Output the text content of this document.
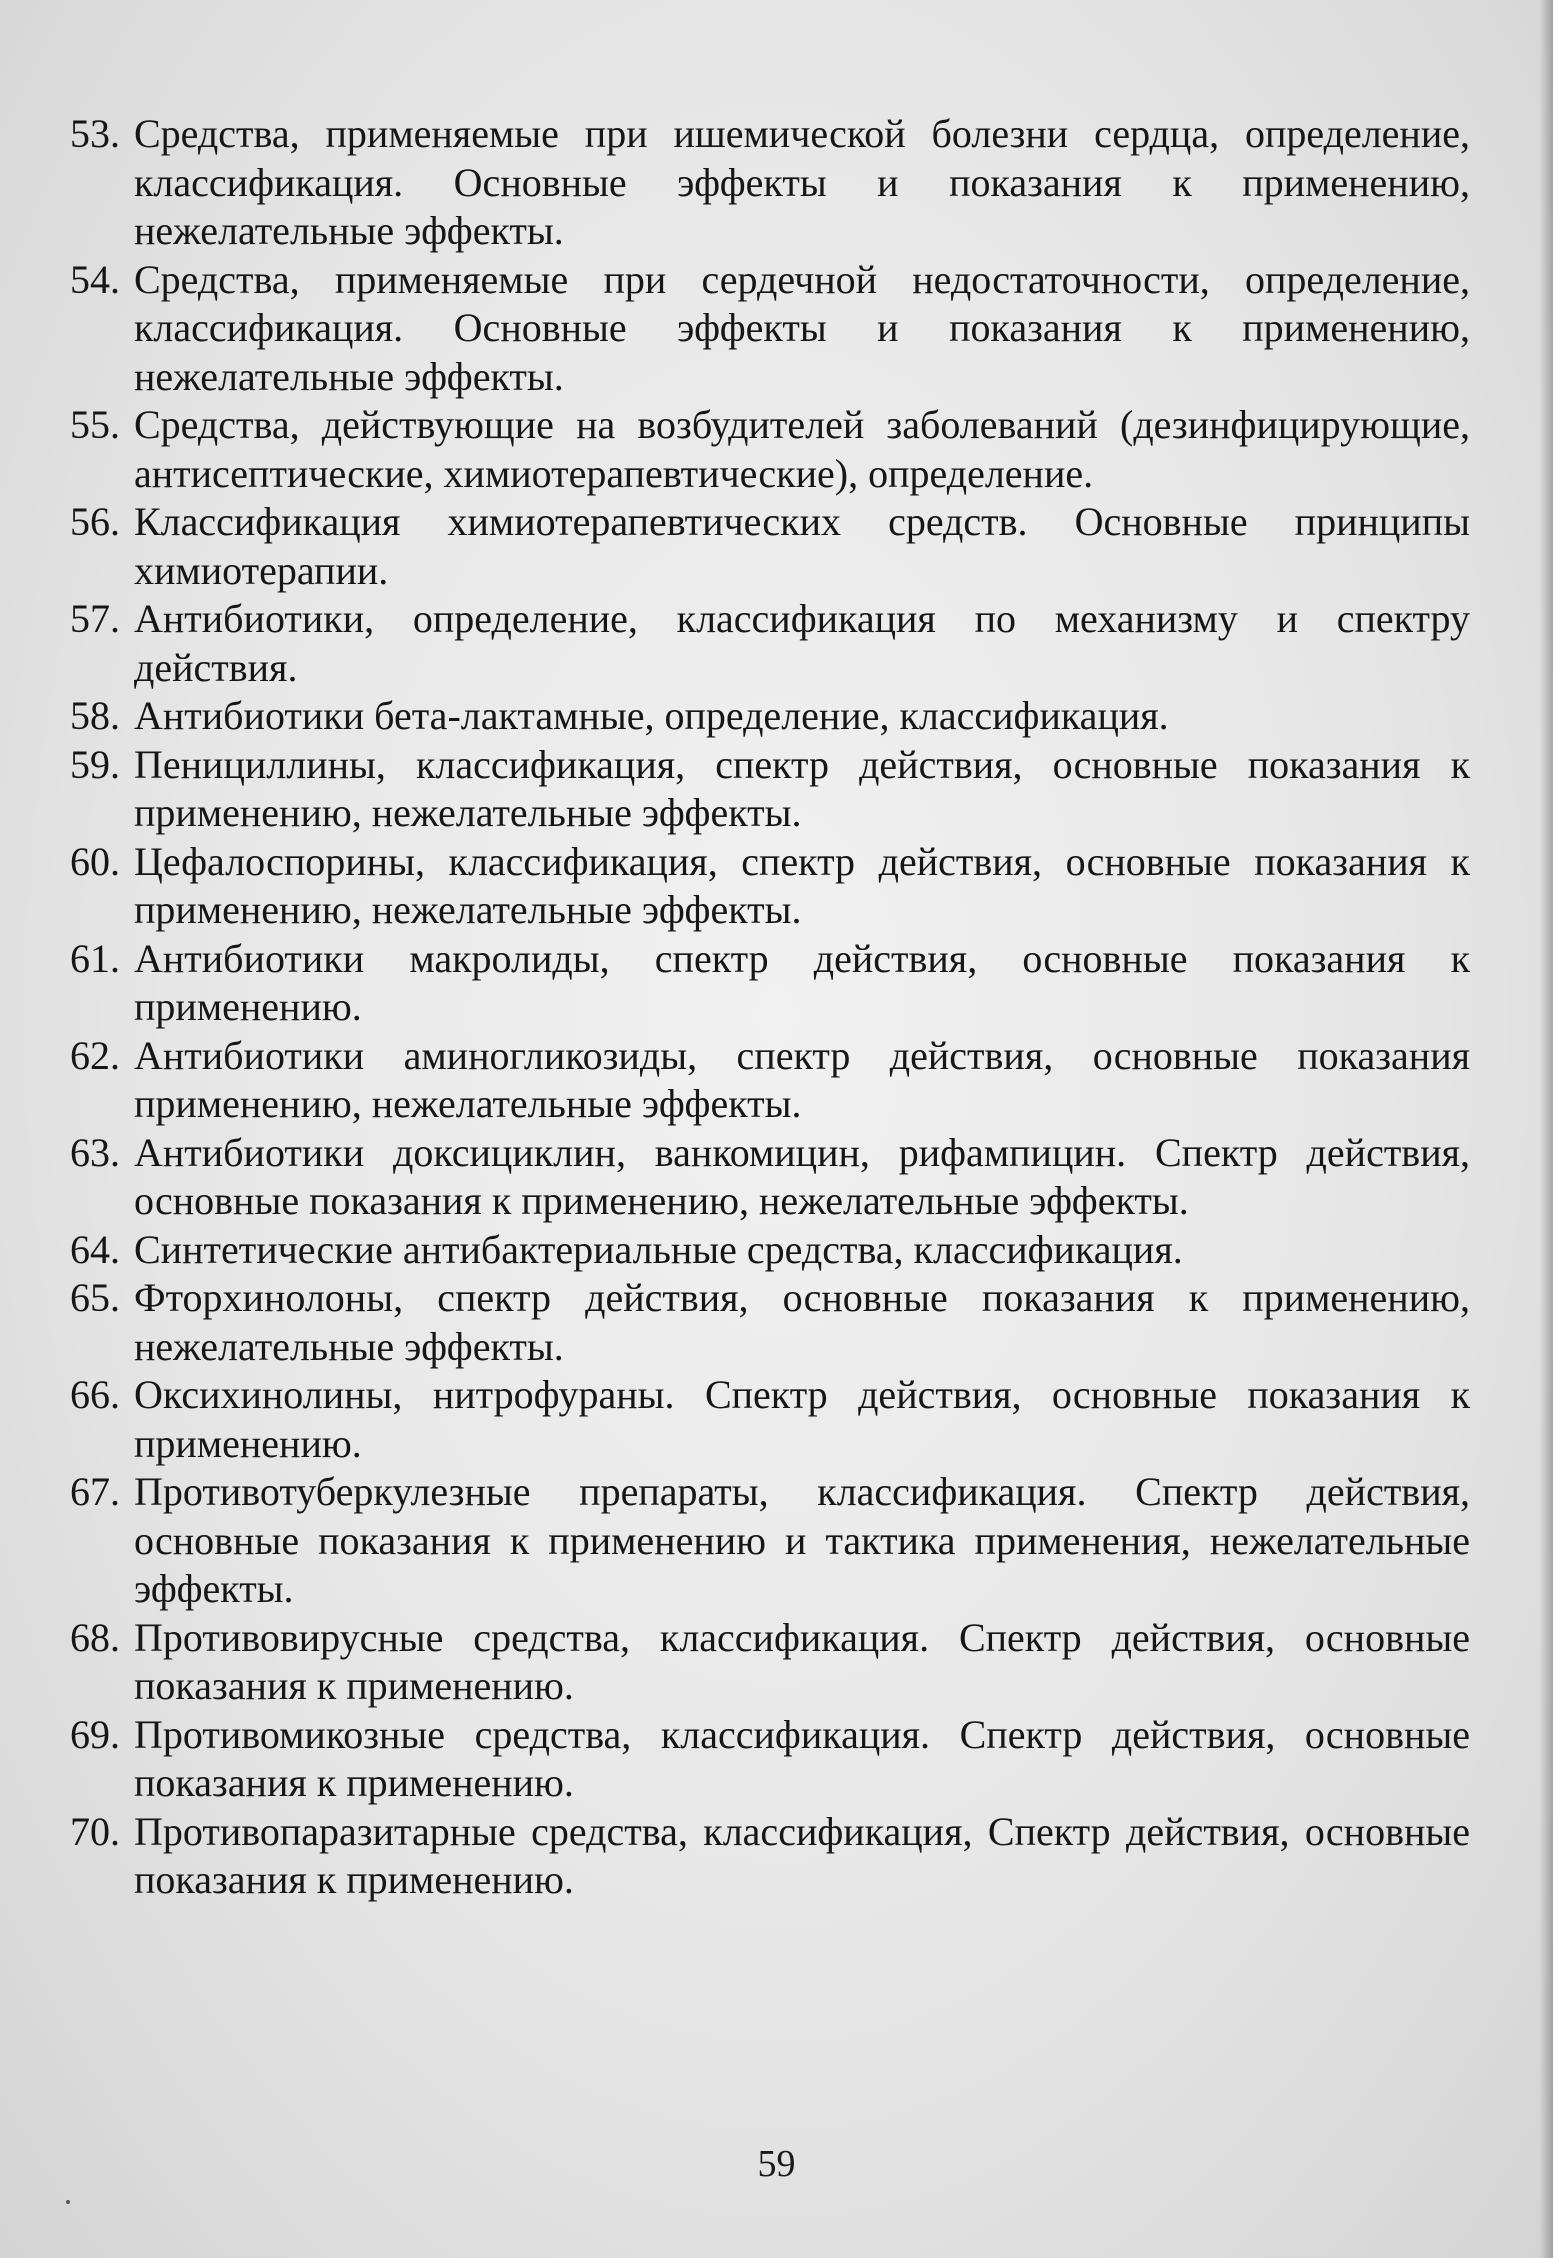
53. Средства, применяемые при ишемической болезни сердца, определение, классификация. Основные эффекты и показания к применению, нежелательные эффекты.
54. Средства, применяемые при сердечной недостаточности, определение, классификация. Основные эффекты и показания к применению, нежелательные эффекты.
55. Средства, действующие на возбудителей заболеваний (дезинфицирующие, антисептические, химиотерапевтические), определение.
56. Классификация химиотерапевтических средств. Основные принципы химиотерапии.
57. Антибиотики, определение, классификация по механизму и спектру действия.
58. Антибиотики бета-лактамные, определение, классификация.
59. Пенициллины, классификация, спектр действия, основные показания к применению, нежелательные эффекты.
60. Цефалоспорины, классификация, спектр действия, основные показания к применению, нежелательные эффекты.
61. Антибиотики макролиды, спектр действия, основные показания к применению.
62. Антибиотики аминогликозиды, спектр действия, основные показания применению, нежелательные эффекты.
63. Антибиотики доксициклин, ванкомицин, рифампицин. Спектр действия, основные показания к применению, нежелательные эффекты.
64. Синтетические антибактериальные средства, классификация.
65. Фторхинолоны, спектр действия, основные показания к применению, нежелательные эффекты.
66. Оксихинолины, нитрофураны. Спектр действия, основные показания к применению.
67. Противотуберкулезные препараты, классификация. Спектр действия, основные показания к применению и тактика применения, нежелательные эффекты.
68. Противовирусные средства, классификация. Спектр действия, основные показания к применению.
69. Противомикозные средства, классификация. Спектр действия, основные показания к применению.
70. Противопаразитарные средства, классификация, Спектр действия, основные показания к применению.
59
